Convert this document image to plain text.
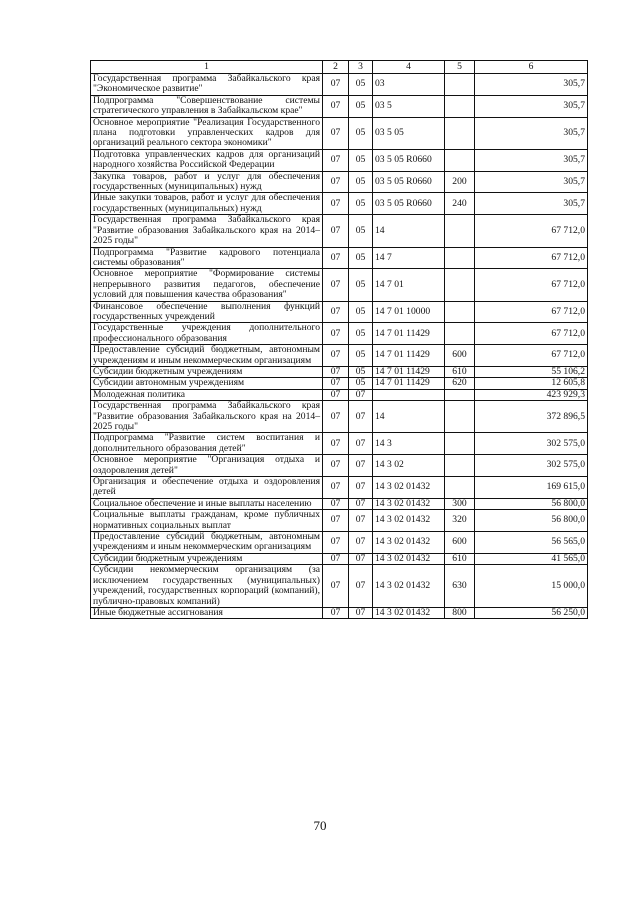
1	2	3	4	5	6
Государственная программа Забайкальского края "Экономическое развитие"	07	05	03		305,7
Подпрограмма "Совершенствование системы стратегического управления в Забайкальском крае"	07	05	03 5		305,7
Основное мероприятие "Реализация Государственного плана подготовки управленческих кадров для организаций реального сектора экономики"	07	05	03 5 05		305,7
Подготовка управленческих кадров для организаций народного хозяйства Российской Федерации	07	05	03 5 05 R0660		305,7
Закупка товаров, работ и услуг для обеспечения государственных (муниципальных) нужд	07	05	03 5 05 R0660	200	305,7
Иные закупки товаров, работ и услуг для обеспечения государственных (муниципальных) нужд	07	05	03 5 05 R0660	240	305,7
Государственная программа Забайкальского края "Развитие образования Забайкальского края на 2014–2025 годы"	07	05	14		67 712,0
Подпрограмма "Развитие кадрового потенциала системы образования"	07	05	14 7		67 712,0
Основное мероприятие "Формирование системы непрерывного развития педагогов, обеспечение условий для повышения качества образования"	07	05	14 7 01		67 712,0
Финансовое обеспечение выполнения функций государственных учреждений	07	05	14 7 01 10000		67 712,0
Государственные учреждения дополнительного профессионального образования	07	05	14 7 01 11429		67 712,0
Предоставление субсидий бюджетным, автономным учреждениям и иным некоммерческим организациям	07	05	14 7 01 11429	600	67 712,0
Субсидии бюджетным учреждениям	07	05	14 7 01 11429	610	55 106,2
Субсидии автономным учреждениям	07	05	14 7 01 11429	620	12 605,8
Молодежная политика	07	07			423 929,3
Государственная программа Забайкальского края "Развитие образования Забайкальского края на 2014–2025 годы"	07	07	14		372 896,5
Подпрограмма "Развитие систем воспитания и дополнительного образования детей"	07	07	14 3		302 575,0
Основное мероприятие "Организация отдыха и оздоровления детей"	07	07	14 3 02		302 575,0
Организация и обеспечение отдыха и оздоровления детей	07	07	14 3 02 01432		169 615,0
Социальное обеспечение и иные выплаты населению	07	07	14 3 02 01432	300	56 800,0
Социальные выплаты гражданам, кроме публичных нормативных социальных выплат	07	07	14 3 02 01432	320	56 800,0
Предоставление субсидий бюджетным, автономным учреждениям и иным некоммерческим организациям	07	07	14 3 02 01432	600	56 565,0
Субсидии бюджетным учреждениям	07	07	14 3 02 01432	610	41 565,0
Субсидии некоммерческим организациям (за исключением государственных (муниципальных) учреждений, государственных корпораций (компаний), публично-правовых компаний)	07	07	14 3 02 01432	630	15 000,0
Иные бюджетные ассигнования	07	07	14 3 02 01432	800	56 250,0
70
